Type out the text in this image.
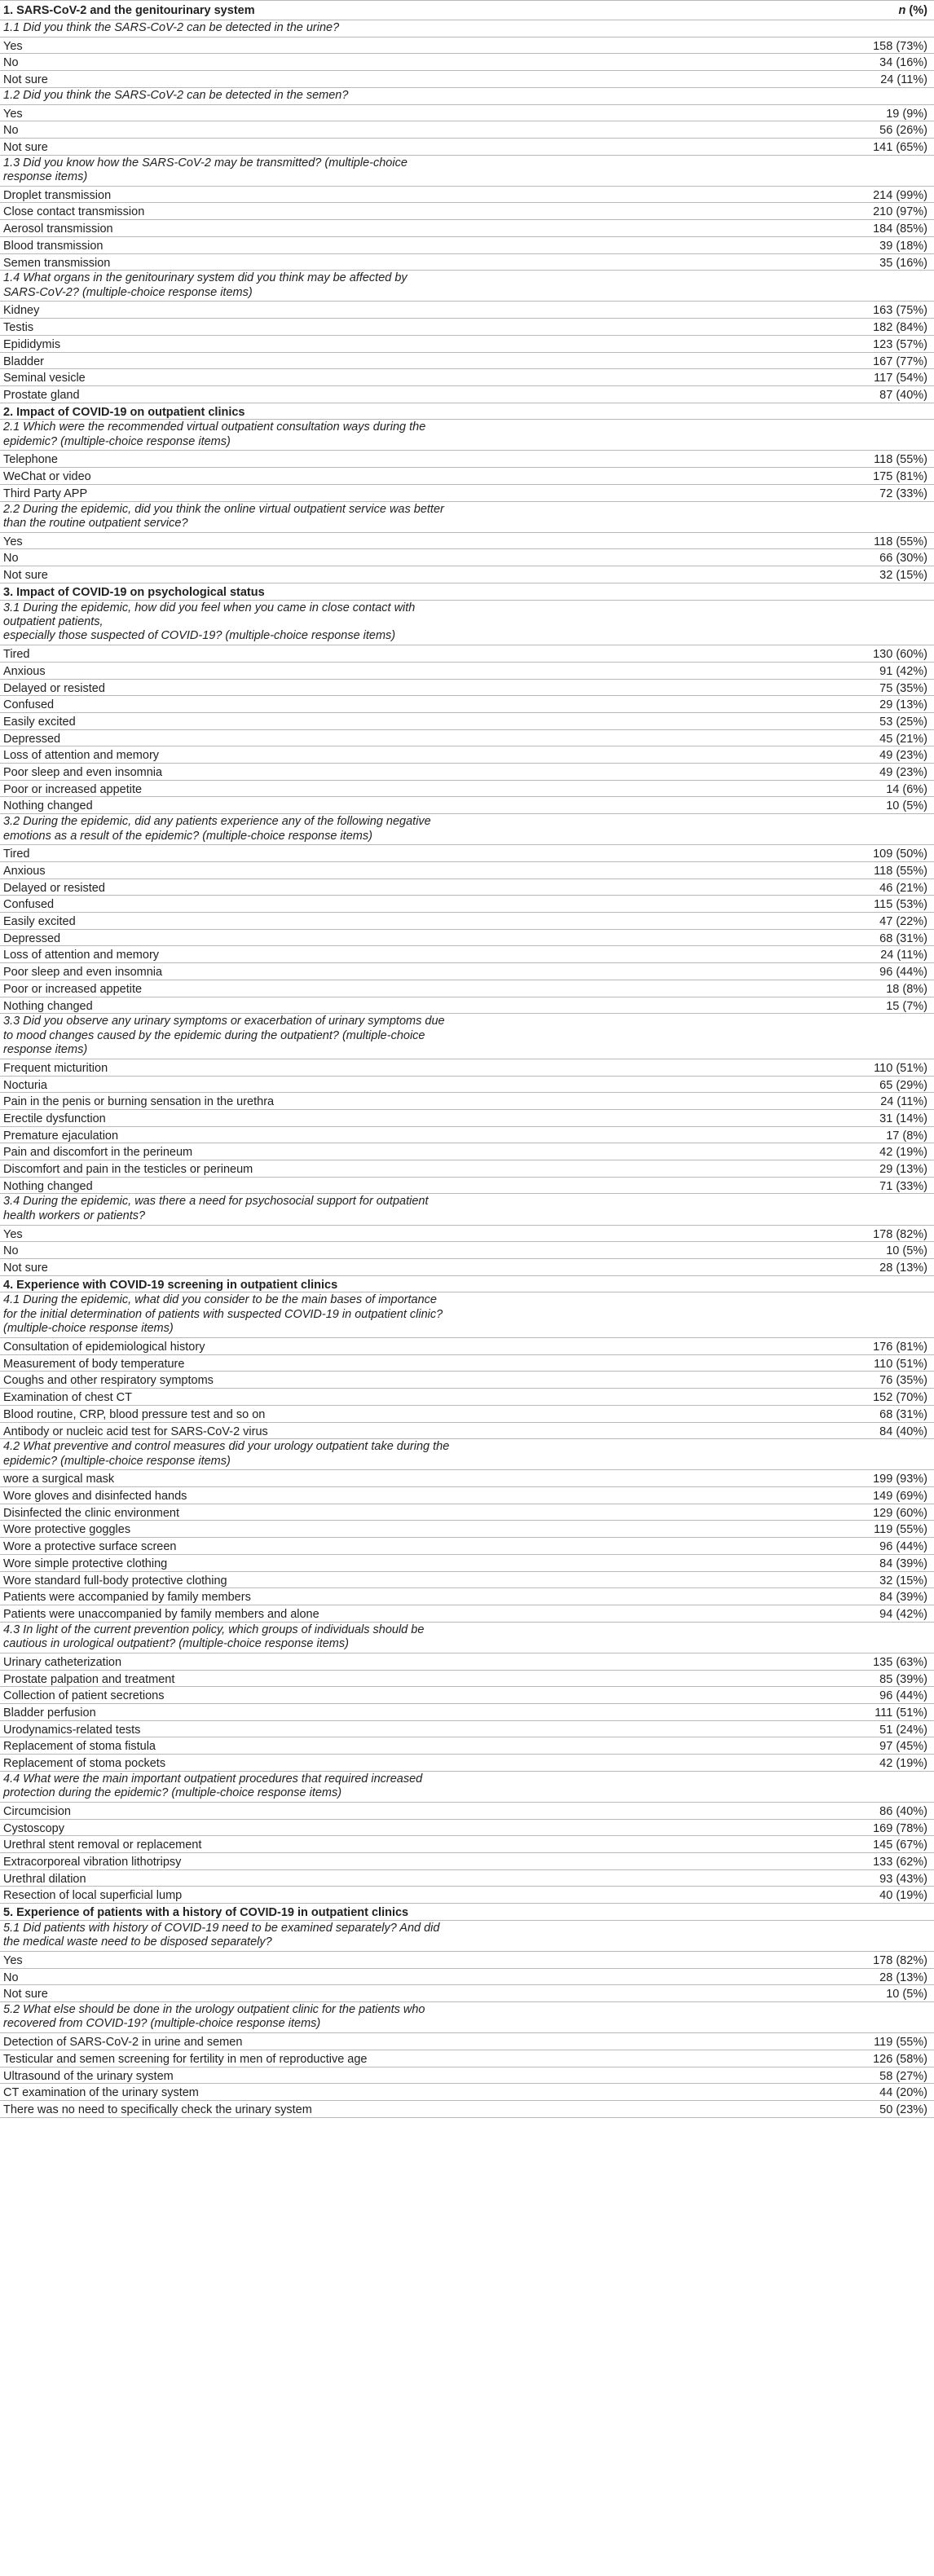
1. SARS-CoV-2 and the genitourinary system	n (%)
1.1 Did you think the SARS-CoV-2 can be detected in the urine?
Yes	158 (73%)
No	34 (16%)
Not sure	24 (11%)
1.2 Did you think the SARS-CoV-2 can be detected in the semen?
Yes	19 (9%)
No	56 (26%)
Not sure	141 (65%)
1.3 Did you know how the SARS-CoV-2 may be transmitted? (multiple-choice
response items)
Droplet transmission	214 (99%)
Close contact transmission	210 (97%)
Aerosol transmission	184 (85%)
Blood transmission	39 (18%)
Semen transmission	35 (16%)
1.4 What organs in the genitourinary system did you think may be affected by
SARS-CoV-2? (multiple-choice response items)
Kidney	163 (75%)
Testis	182 (84%)
Epididymis	123 (57%)
Bladder	167 (77%)
Seminal vesicle	117 (54%)
Prostate gland	87 (40%)
2. Impact of COVID-19 on outpatient clinics
2.1 Which were the recommended virtual outpatient consultation ways during the
epidemic? (multiple-choice response items)
Telephone	118 (55%)
WeChat or video	175 (81%)
Third Party APP	72 (33%)
2.2 During the epidemic, did you think the online virtual outpatient service was better
than the routine outpatient service?
Yes	118 (55%)
No	66 (30%)
Not sure	32 (15%)
3. Impact of COVID-19 on psychological status
3.1 During the epidemic, how did you feel when you came in close contact with
outpatient patients,
especially those suspected of COVID-19? (multiple-choice response items)
Tired	130 (60%)
Anxious	91 (42%)
Delayed or resisted	75 (35%)
Confused	29 (13%)
Easily excited	53 (25%)
Depressed	45 (21%)
Loss of attention and memory	49 (23%)
Poor sleep and even insomnia	49 (23%)
Poor or increased appetite	14 (6%)
Nothing changed	10 (5%)
3.2 During the epidemic, did any patients experience any of the following negative
emotions as a result of the epidemic? (multiple-choice response items)
Tired	109 (50%)
Anxious	118 (55%)
Delayed or resisted	46 (21%)
Confused	115 (53%)
Easily excited	47 (22%)
Depressed	68 (31%)
Loss of attention and memory	24 (11%)
Poor sleep and even insomnia	96 (44%)
Poor or increased appetite	18 (8%)
Nothing changed	15 (7%)
3.3 Did you observe any urinary symptoms or exacerbation of urinary symptoms due
to mood changes caused by the epidemic during the outpatient? (multiple-choice
response items)
Frequent micturition	110 (51%)
Nocturia	65 (29%)
Pain in the penis or burning sensation in the urethra	24 (11%)
Erectile dysfunction	31 (14%)
Premature ejaculation	17 (8%)
Pain and discomfort in the perineum	42 (19%)
Discomfort and pain in the testicles or perineum	29 (13%)
Nothing changed	71 (33%)
3.4 During the epidemic, was there a need for psychosocial support for outpatient
health workers or patients?
Yes	178 (82%)
No	10 (5%)
Not sure	28 (13%)
4. Experience with COVID-19 screening in outpatient clinics
4.1 During the epidemic, what did you consider to be the main bases of importance
for the initial determination of patients with suspected COVID-19 in outpatient clinic?
(multiple-choice response items)
Consultation of epidemiological history	176 (81%)
Measurement of body temperature	110 (51%)
Coughs and other respiratory symptoms	76 (35%)
Examination of chest CT	152 (70%)
Blood routine, CRP, blood pressure test and so on	68 (31%)
Antibody or nucleic acid test for SARS-CoV-2 virus	84 (40%)
4.2 What preventive and control measures did your urology outpatient take during the
epidemic? (multiple-choice response items)
wore a surgical mask	199 (93%)
Wore gloves and disinfected hands	149 (69%)
Disinfected the clinic environment	129 (60%)
Wore protective goggles	119 (55%)
Wore a protective surface screen	96 (44%)
Wore simple protective clothing	84 (39%)
Wore standard full-body protective clothing	32 (15%)
Patients were accompanied by family members	84 (39%)
Patients were unaccompanied by family members and alone	94 (42%)
4.3 In light of the current prevention policy, which groups of individuals should be
cautious in urological outpatient? (multiple-choice response items)
Urinary catheterization	135 (63%)
Prostate palpation and treatment	85 (39%)
Collection of patient secretions	96 (44%)
Bladder perfusion	111 (51%)
Urodynamics-related tests	51 (24%)
Replacement of stoma fistula	97 (45%)
Replacement of stoma pockets	42 (19%)
4.4 What were the main important outpatient procedures that required increased
protection during the epidemic? (multiple-choice response items)
Circumcision	86 (40%)
Cystoscopy	169 (78%)
Urethral stent removal or replacement	145 (67%)
Extracorporeal vibration lithotripsy	133 (62%)
Urethral dilation	93 (43%)
Resection of local superficial lump	40 (19%)
5. Experience of patients with a history of COVID-19 in outpatient clinics
5.1 Did patients with history of COVID-19 need to be examined separately? And did
the medical waste need to be disposed separately?
Yes	178 (82%)
No	28 (13%)
Not sure	10 (5%)
5.2 What else should be done in the urology outpatient clinic for the patients who
recovered from COVID-19? (multiple-choice response items)
Detection of SARS-CoV-2 in urine and semen	119 (55%)
Testicular and semen screening for fertility in men of reproductive age	126 (58%)
Ultrasound of the urinary system	58 (27%)
CT examination of the urinary system	44 (20%)
There was no need to specifically check the urinary system	50 (23%)
